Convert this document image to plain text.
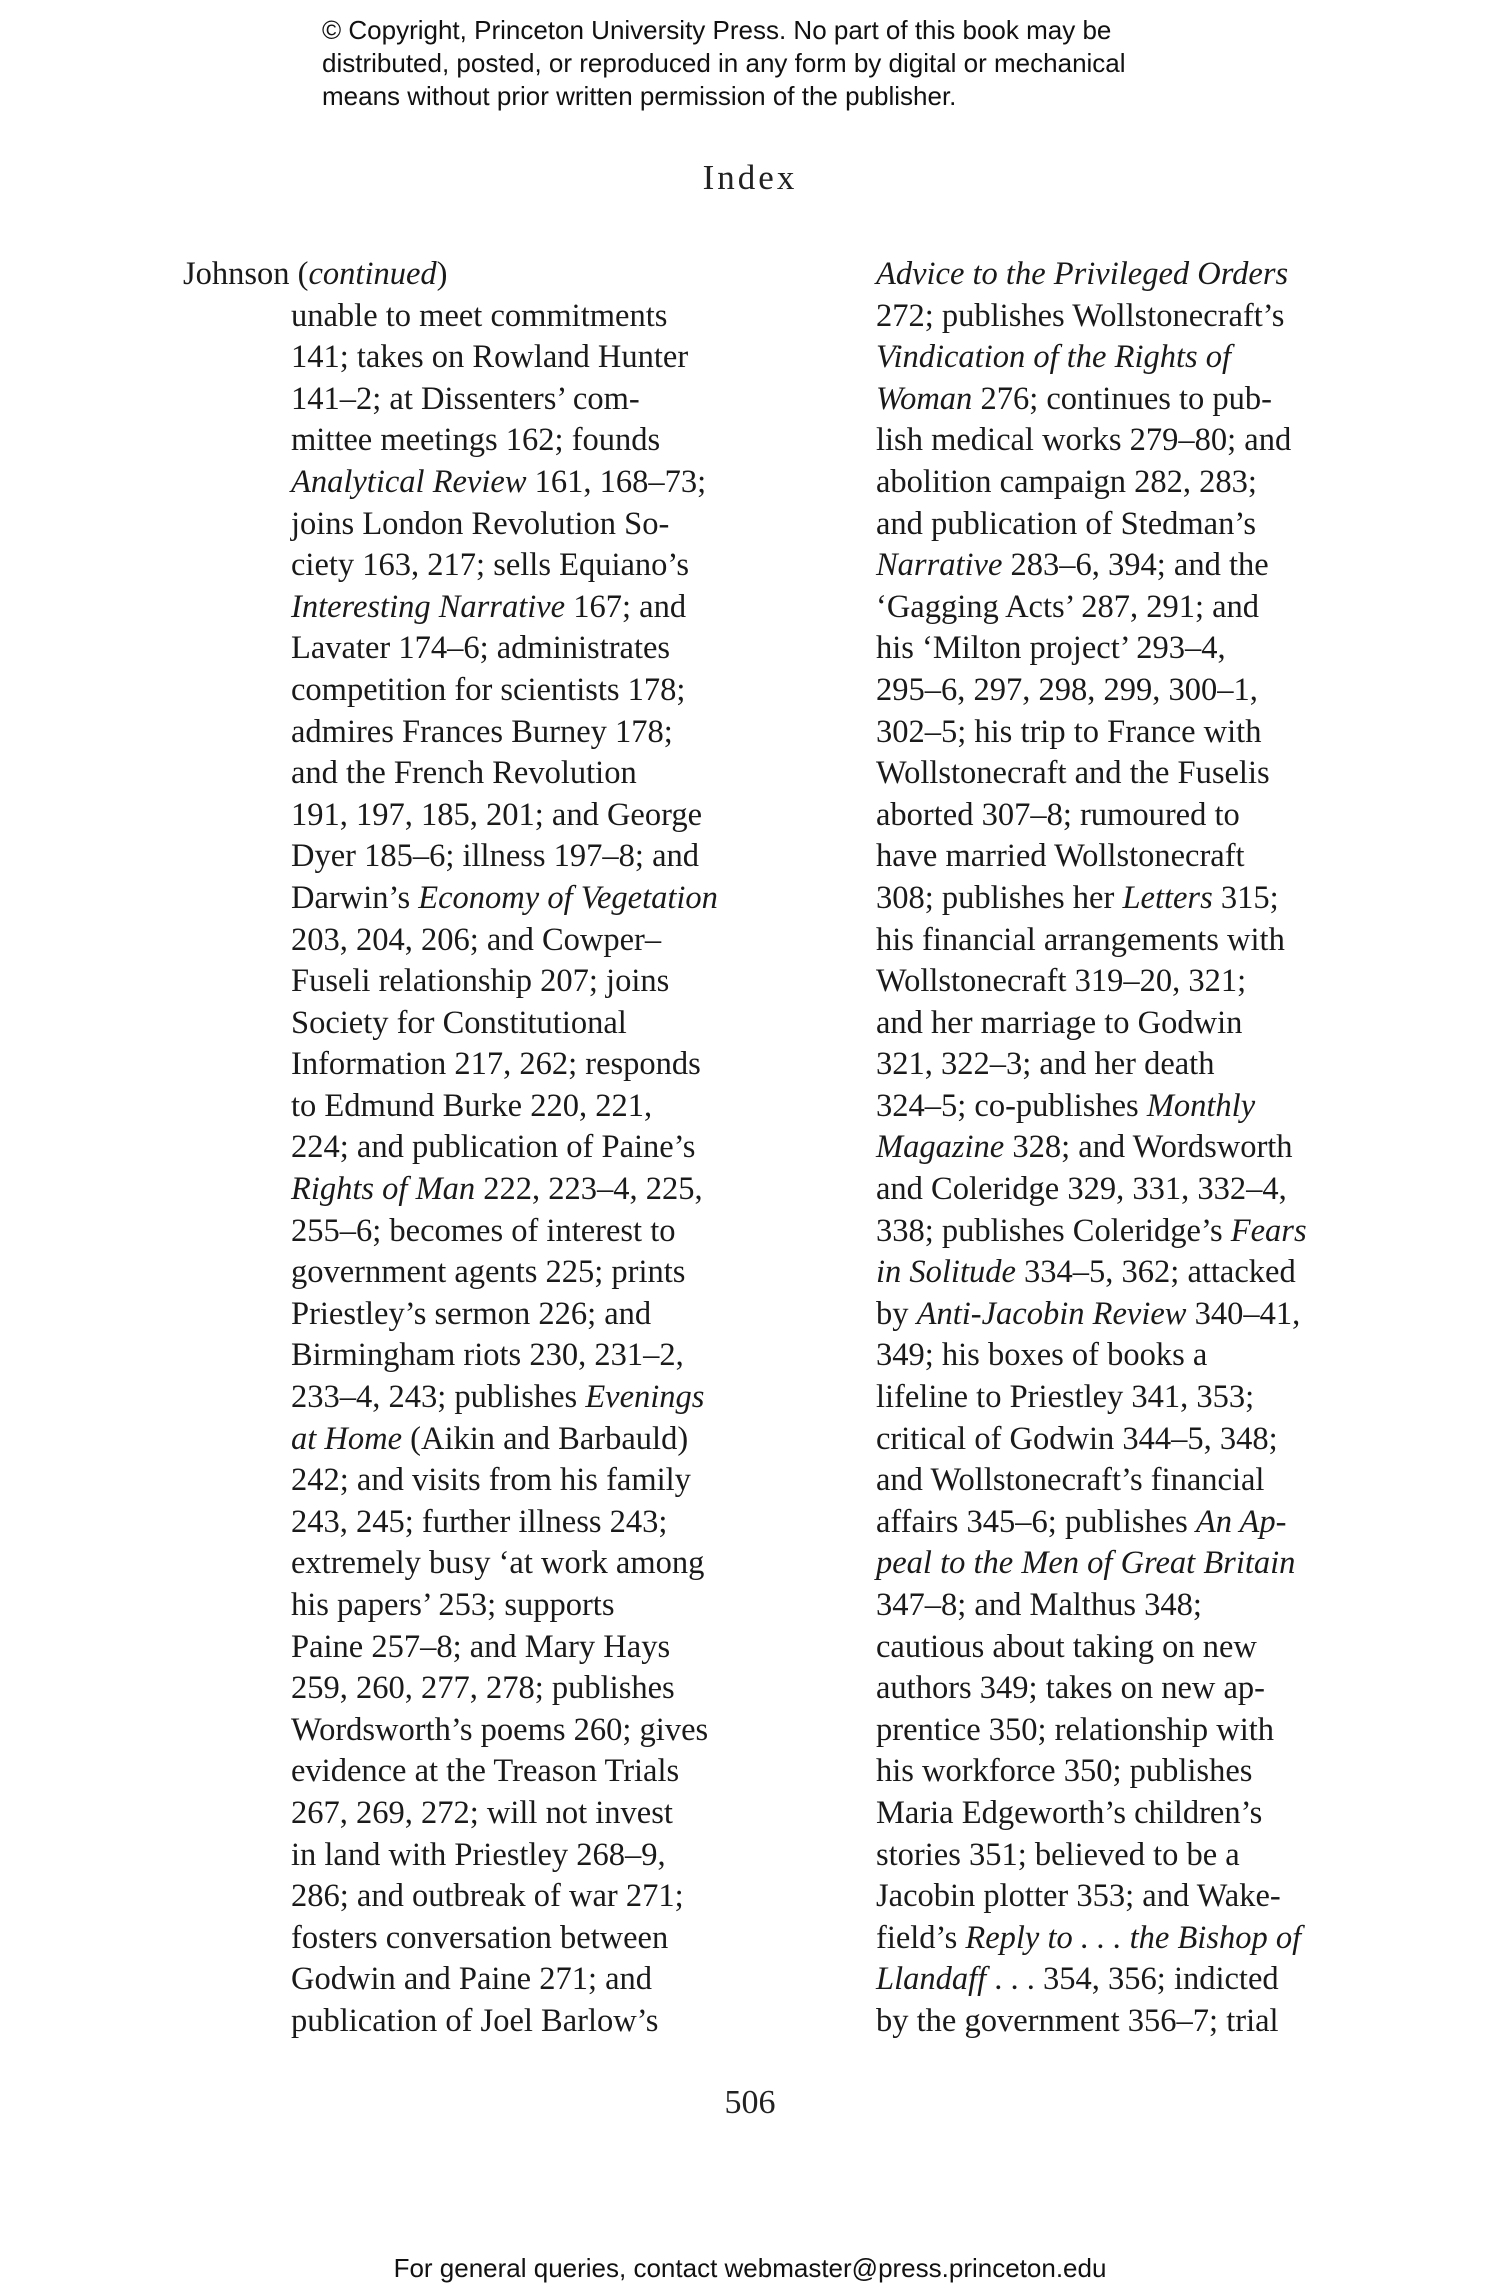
© Copyright, Princeton University Press. No part of this book may be
distributed, posted, or reproduced in any form by digital or mechanical
means without prior written permission of the publisher.
Index
Johnson (continued)
unable to meet commitments
141; takes on Rowland Hunter
141–2; at Dissenters’ com-
mittee meetings 162; founds
Analytical Review 161, 168–73;
joins London Revolution So-
ciety 163, 217; sells Equiano’s
Interesting Narrative 167; and
Lavater 174–6; administrates
competition for scientists 178;
admires Frances Burney 178;
and the French Revolution
191, 197, 185, 201; and George
Dyer 185–6; illness 197–8; and
Darwin’s Economy of Vegetation
203, 204, 206; and Cowper–
Fuseli relationship 207; joins
Society for Constitutional
Information 217, 262; responds
to Edmund Burke 220, 221,
224; and publication of Paine’s
Rights of Man 222, 223–4, 225,
255–6; becomes of interest to
government agents 225; prints
Priestley’s sermon 226; and
Birmingham riots 230, 231–2,
233–4, 243; publishes Evenings
at Home (Aikin and Barbauld)
242; and visits from his family
243, 245; further illness 243;
extremely busy ‘at work among
his papers’ 253; supports
Paine 257–8; and Mary Hays
259, 260, 277, 278; publishes
Wordsworth’s poems 260; gives
evidence at the Treason Trials
267, 269, 272; will not invest
in land with Priestley 268–9,
286; and outbreak of war 271;
fosters conversation between
Godwin and Paine 271; and
publication of Joel Barlow’s
Advice to the Privileged Orders
272; publishes Wollstonecraft’s
Vindication of the Rights of
Woman 276; continues to pub-
lish medical works 279–80; and
abolition campaign 282, 283;
and publication of Stedman’s
Narrative 283–6, 394; and the
‘Gagging Acts’ 287, 291; and
his ‘Milton project’ 293–4,
295–6, 297, 298, 299, 300–1,
302–5; his trip to France with
Wollstonecraft and the Fuselis
aborted 307–8; rumoured to
have married Wollstonecraft
308; publishes her Letters 315;
his financial arrangements with
Wollstonecraft 319–20, 321;
and her marriage to Godwin
321, 322–3; and her death
324–5; co-publishes Monthly
Magazine 328; and Wordsworth
and Coleridge 329, 331, 332–4,
338; publishes Coleridge’s Fears
in Solitude 334–5, 362; attacked
by Anti-Jacobin Review 340–41,
349; his boxes of books a
lifeline to Priestley 341, 353;
critical of Godwin 344–5, 348;
and Wollstonecraft’s financial
affairs 345–6; publishes An Ap-
peal to the Men of Great Britain
347–8; and Malthus 348;
cautious about taking on new
authors 349; takes on new ap-
prentice 350; relationship with
his workforce 350; publishes
Maria Edgeworth’s children’s
stories 351; believed to be a
Jacobin plotter 353; and Wake-
field’s Reply to . . . the Bishop of
Llandaff . . . 354, 356; indicted
by the government 356–7; trial
506
For general queries, contact webmaster@press.princeton.edu
